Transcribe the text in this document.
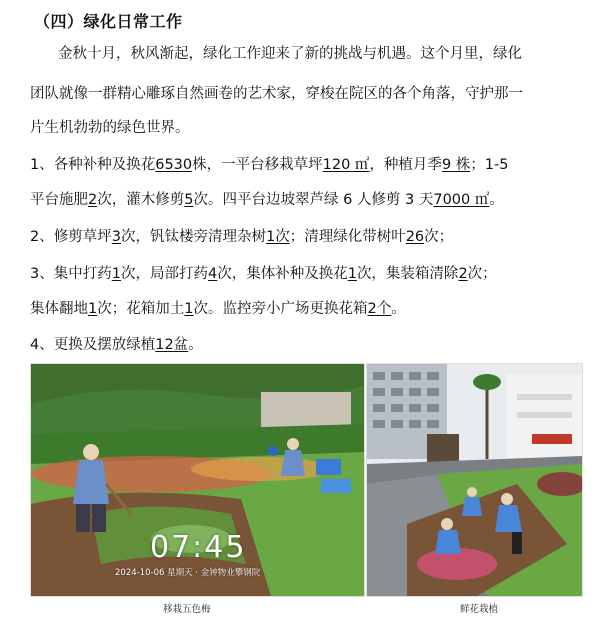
（四）绿化日常工作
金秋十月，秋风渐起，绿化工作迎来了新的挑战与机遇。这个月里，绿化
团队就像一群精心雕琢自然画卷的艺术家，穿梭在院区的各个角落，守护那一
片生机勃勃的绿色世界。
1、各种补种及换花6530株，一平台移栽草坪120 ㎡，种植月季9 株；1-5
平台施肥2次，灌木修剪5次。四平台边坡翠芦绿 6 人修剪 3 天7000 ㎡。
2、修剪草坪3次，钒钛楼旁清理杂树1次；清理绿化带树叶26次；
3、集中打药1次，局部打药4次，集体补种及换花1次，集装箱清除2次；
集体翻地1次；花箱加土1次。监控旁小广场更换花箱2个。
4、更换及摆放绿植12盆。
07:45
2024-10-06 星期天 · 金钟物业攀钢院
移栽五色梅	鲜花栽植
